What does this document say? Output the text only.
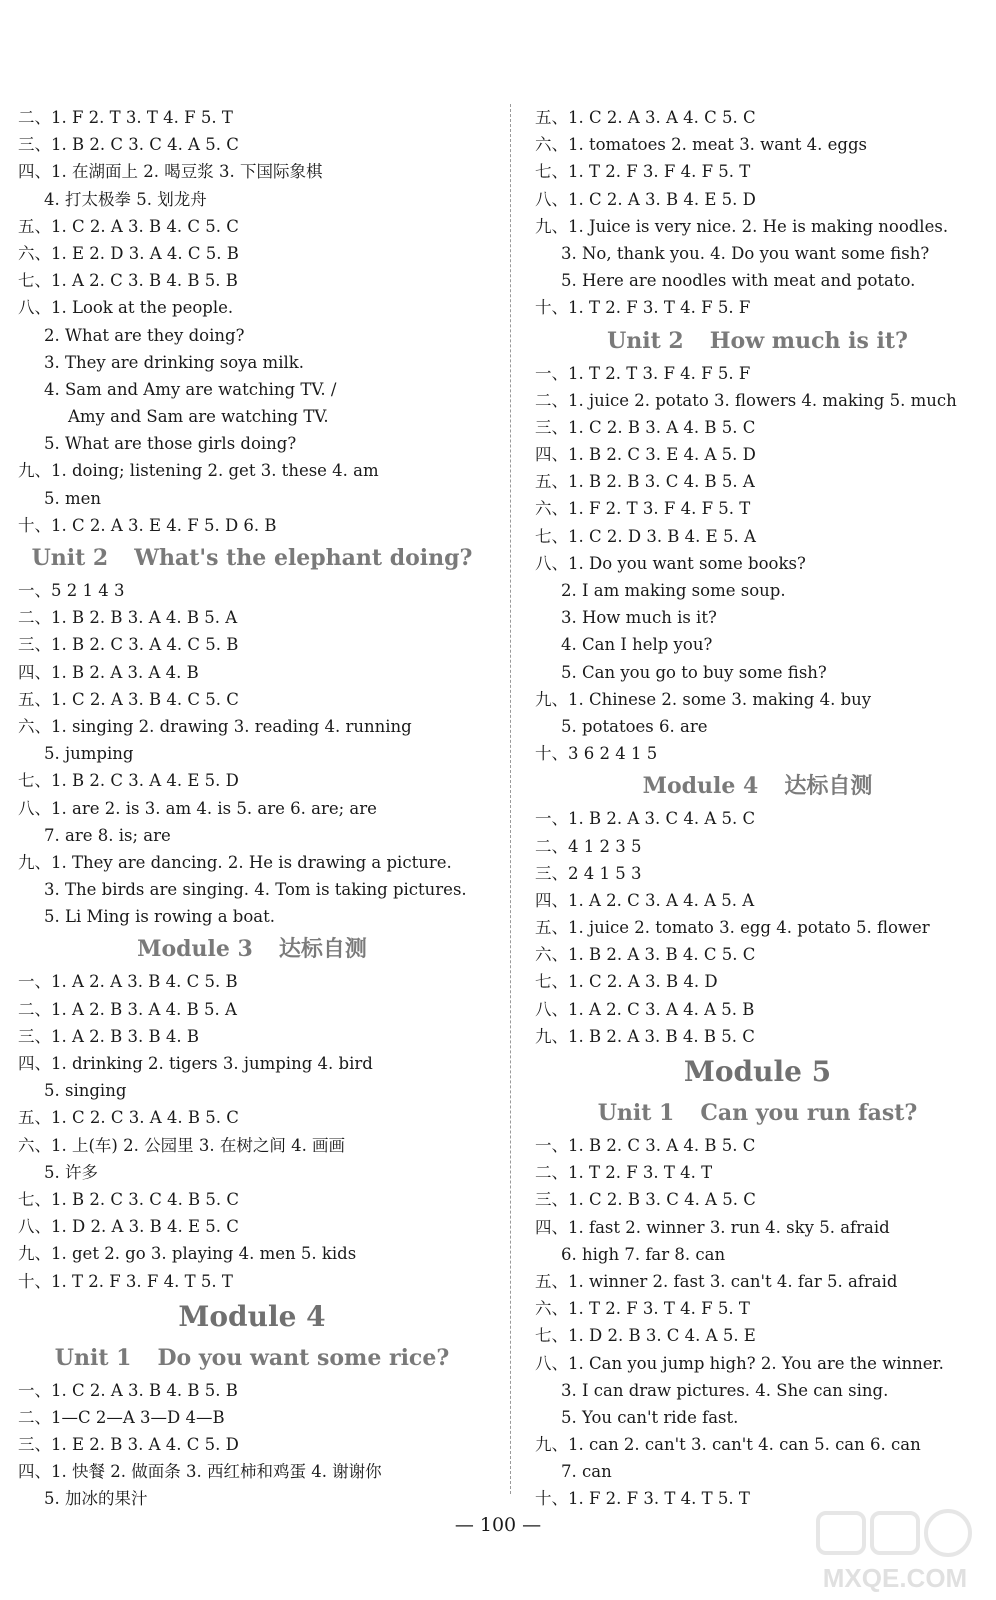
二、1. F 2. T 3. T 4. F 5. T
三、1. B 2. C 3. C 4. A 5. C
四、1. 在湖面上 2. 喝豆浆 3. 下国际象棋
4. 打太极拳 5. 划龙舟
五、1. C 2. A 3. B 4. C 5. C
六、1. E 2. D 3. A 4. C 5. B
七、1. A 2. C 3. B 4. B 5. B
八、1. Look at the people.
2. What are they doing?
3. They are drinking soya milk.
4. Sam and Amy are watching TV. /
Amy and Sam are watching TV.
5. What are those girls doing?
九、1. doing; listening 2. get 3. these 4. am
5. men
十、1. C 2. A 3. E 4. F 5. D 6. B
Unit 2 What's the elephant doing?
一、5 2 1 4 3
二、1. B 2. B 3. A 4. B 5. A
三、1. B 2. C 3. A 4. C 5. B
四、1. B 2. A 3. A 4. B
五、1. C 2. A 3. B 4. C 5. C
六、1. singing 2. drawing 3. reading 4. running
5. jumping
七、1. B 2. C 3. A 4. E 5. D
八、1. are 2. is 3. am 4. is 5. are 6. are; are
7. are 8. is; are
九、1. They are dancing. 2. He is drawing a picture.
3. The birds are singing. 4. Tom is taking pictures.
5. Li Ming is rowing a boat.
Module 3 达标自测
一、1. A 2. A 3. B 4. C 5. B
二、1. A 2. B 3. A 4. B 5. A
三、1. A 2. B 3. B 4. B
四、1. drinking 2. tigers 3. jumping 4. bird
5. singing
五、1. C 2. C 3. A 4. B 5. C
六、1. 上(车) 2. 公园里 3. 在树之间 4. 画画
5. 许多
七、1. B 2. C 3. C 4. B 5. C
八、1. D 2. A 3. B 4. E 5. C
九、1. get 2. go 3. playing 4. men 5. kids
十、1. T 2. F 3. F 4. T 5. T
Module 4
Unit 1 Do you want some rice?
一、1. C 2. A 3. B 4. B 5. B
二、1—C 2—A 3—D 4—B
三、1. E 2. B 3. A 4. C 5. D
四、1. 快餐 2. 做面条 3. 西红柿和鸡蛋 4. 谢谢你
5. 加冰的果汁
五、1. C 2. A 3. A 4. C 5. C
六、1. tomatoes 2. meat 3. want 4. eggs
七、1. T 2. F 3. F 4. F 5. T
八、1. C 2. A 3. B 4. E 5. D
九、1. Juice is very nice. 2. He is making noodles.
3. No, thank you. 4. Do you want some fish?
5. Here are noodles with meat and potato.
十、1. T 2. F 3. T 4. F 5. F
Unit 2 How much is it?
一、1. T 2. T 3. F 4. F 5. F
二、1. juice 2. potato 3. flowers 4. making 5. much
三、1. C 2. B 3. A 4. B 5. C
四、1. B 2. C 3. E 4. A 5. D
五、1. B 2. B 3. C 4. B 5. A
六、1. F 2. T 3. F 4. F 5. T
七、1. C 2. D 3. B 4. E 5. A
八、1. Do you want some books?
2. I am making some soup.
3. How much is it?
4. Can I help you?
5. Can you go to buy some fish?
九、1. Chinese 2. some 3. making 4. buy
5. potatoes 6. are
十、3 6 2 4 1 5
Module 4 达标自测
一、1. B 2. A 3. C 4. A 5. C
二、4 1 2 3 5
三、2 4 1 5 3
四、1. A 2. C 3. A 4. A 5. A
五、1. juice 2. tomato 3. egg 4. potato 5. flower
六、1. B 2. A 3. B 4. C 5. C
七、1. C 2. A 3. B 4. D
八、1. A 2. C 3. A 4. A 5. B
九、1. B 2. A 3. B 4. B 5. C
Module 5
Unit 1 Can you run fast?
一、1. B 2. C 3. A 4. B 5. C
二、1. T 2. F 3. T 4. T
三、1. C 2. B 3. C 4. A 5. C
四、1. fast 2. winner 3. run 4. sky 5. afraid
6. high 7. far 8. can
五、1. winner 2. fast 3. can't 4. far 5. afraid
六、1. T 2. F 3. T 4. F 5. T
七、1. D 2. B 3. C 4. A 5. E
八、1. Can you jump high? 2. You are the winner.
3. I can draw pictures. 4. She can sing.
5. You can't ride fast.
九、1. can 2. can't 3. can't 4. can 5. can 6. can
7. can
十、1. F 2. F 3. T 4. T 5. T
— 100 —
MXQE.COM
